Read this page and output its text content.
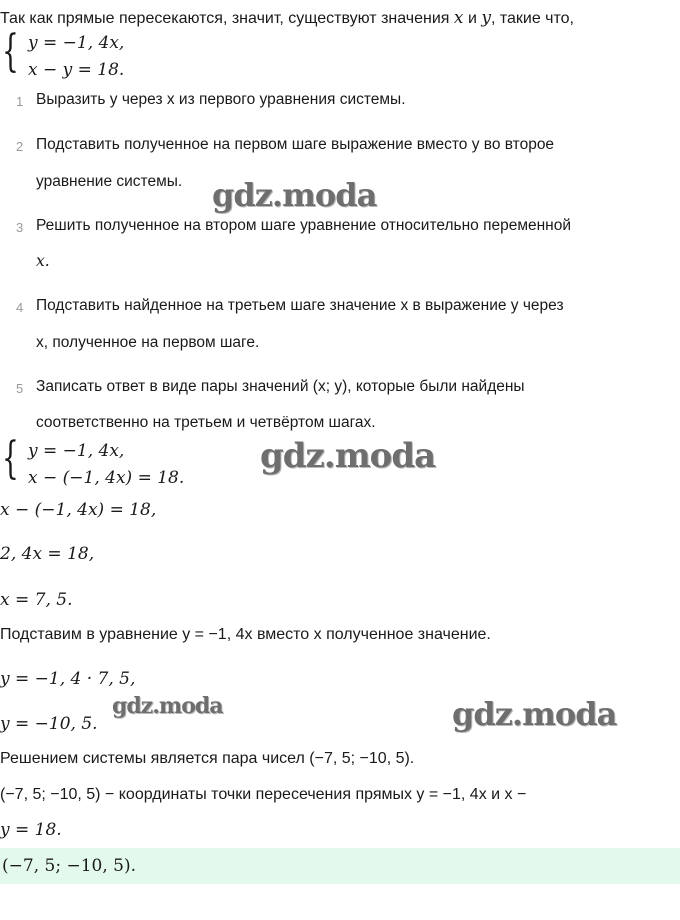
Так как прямые пересекаются, значит, существуют значения x и y, такие что,
{ y = −1, 4x,
x − y = 18.
1 Выразить y через x из первого уравнения системы.
2 Подставить полученное на первом шаге выражение вместо y во второе
уравнение системы.
3 Решить полученное на втором шаге уравнение относительно переменной
x.
4 Подставить найденное на третьем шаге значение x в выражение y через
x, полученное на первом шаге.
5 Записать ответ в виде пары значений (x; y), которые были найдены
соответственно на третьем и четвёртом шагах.
{ y = −1, 4x,
x − (−1, 4x) = 18.
x − (−1, 4x) = 18,
2, 4x = 18,
x = 7, 5.
Подставим в уравнение y = −1, 4x вместо x полученное значение.
y = −1, 4 · 7, 5,
y = −10, 5.
Решением системы является пара чисел (−7, 5; −10, 5).
(−7, 5; −10, 5) − координаты точки пересечения прямых y = −1, 4x и x −
y = 18.
(−7, 5; −10, 5).
gdz.moda
gdz.moda
gdz.moda	gdz.moda
